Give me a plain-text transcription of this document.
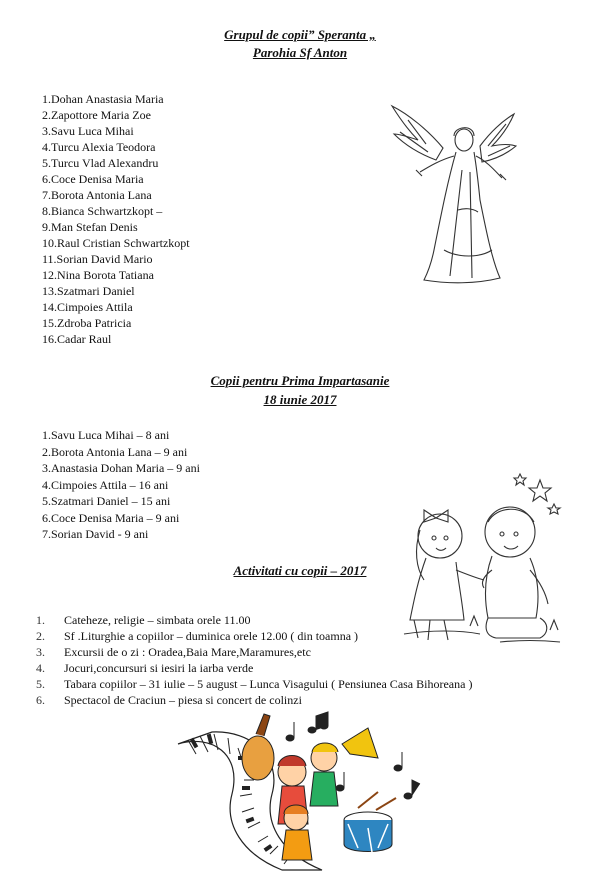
Grupul de copii” Speranta „
Parohia Sf Anton
1.Dohan Anastasia Maria
2.Zapottore Maria Zoe
3.Savu Luca Mihai
4.Turcu Alexia Teodora
5.Turcu Vlad Alexandru
6.Coce Denisa Maria
7.Borota Antonia Lana
8.Bianca Schwartzkopt –
9.Man Stefan Denis
10.Raul Cristian Schwartzkopt
11.Sorian David Mario
12.Nina Borota Tatiana
13.Szatmari Daniel
14.Cimpoies Attila
15.Zdroba Patricia
16.Cadar Raul
Copii pentru Prima Impartasanie
18 iunie 2017
1.Savu Luca Mihai – 8 ani
2.Borota Antonia Lana – 9 ani
3.Anastasia Dohan Maria – 9 ani
4.Cimpoies Attila – 16 ani
5.Szatmari Daniel – 15 ani
6.Coce Denisa Maria – 9 ani
7.Sorian David - 9 ani
Activitati cu copii – 2017
1. Cateheze, religie – simbata orele 11.00
2. Sf .Liturghie a copiilor – duminica orele 12.00 ( din toamna )
3. Excursii de o zi : Oradea,Baia Mare,Maramures,etc
4. Jocuri,concursuri si iesiri la iarba verde
5. Tabara copiilor – 31 iulie – 5 august – Lunca Visagului ( Pensiunea Casa Bihoreana )
6. Spectacol de Craciun – piesa si concert de colinzi
